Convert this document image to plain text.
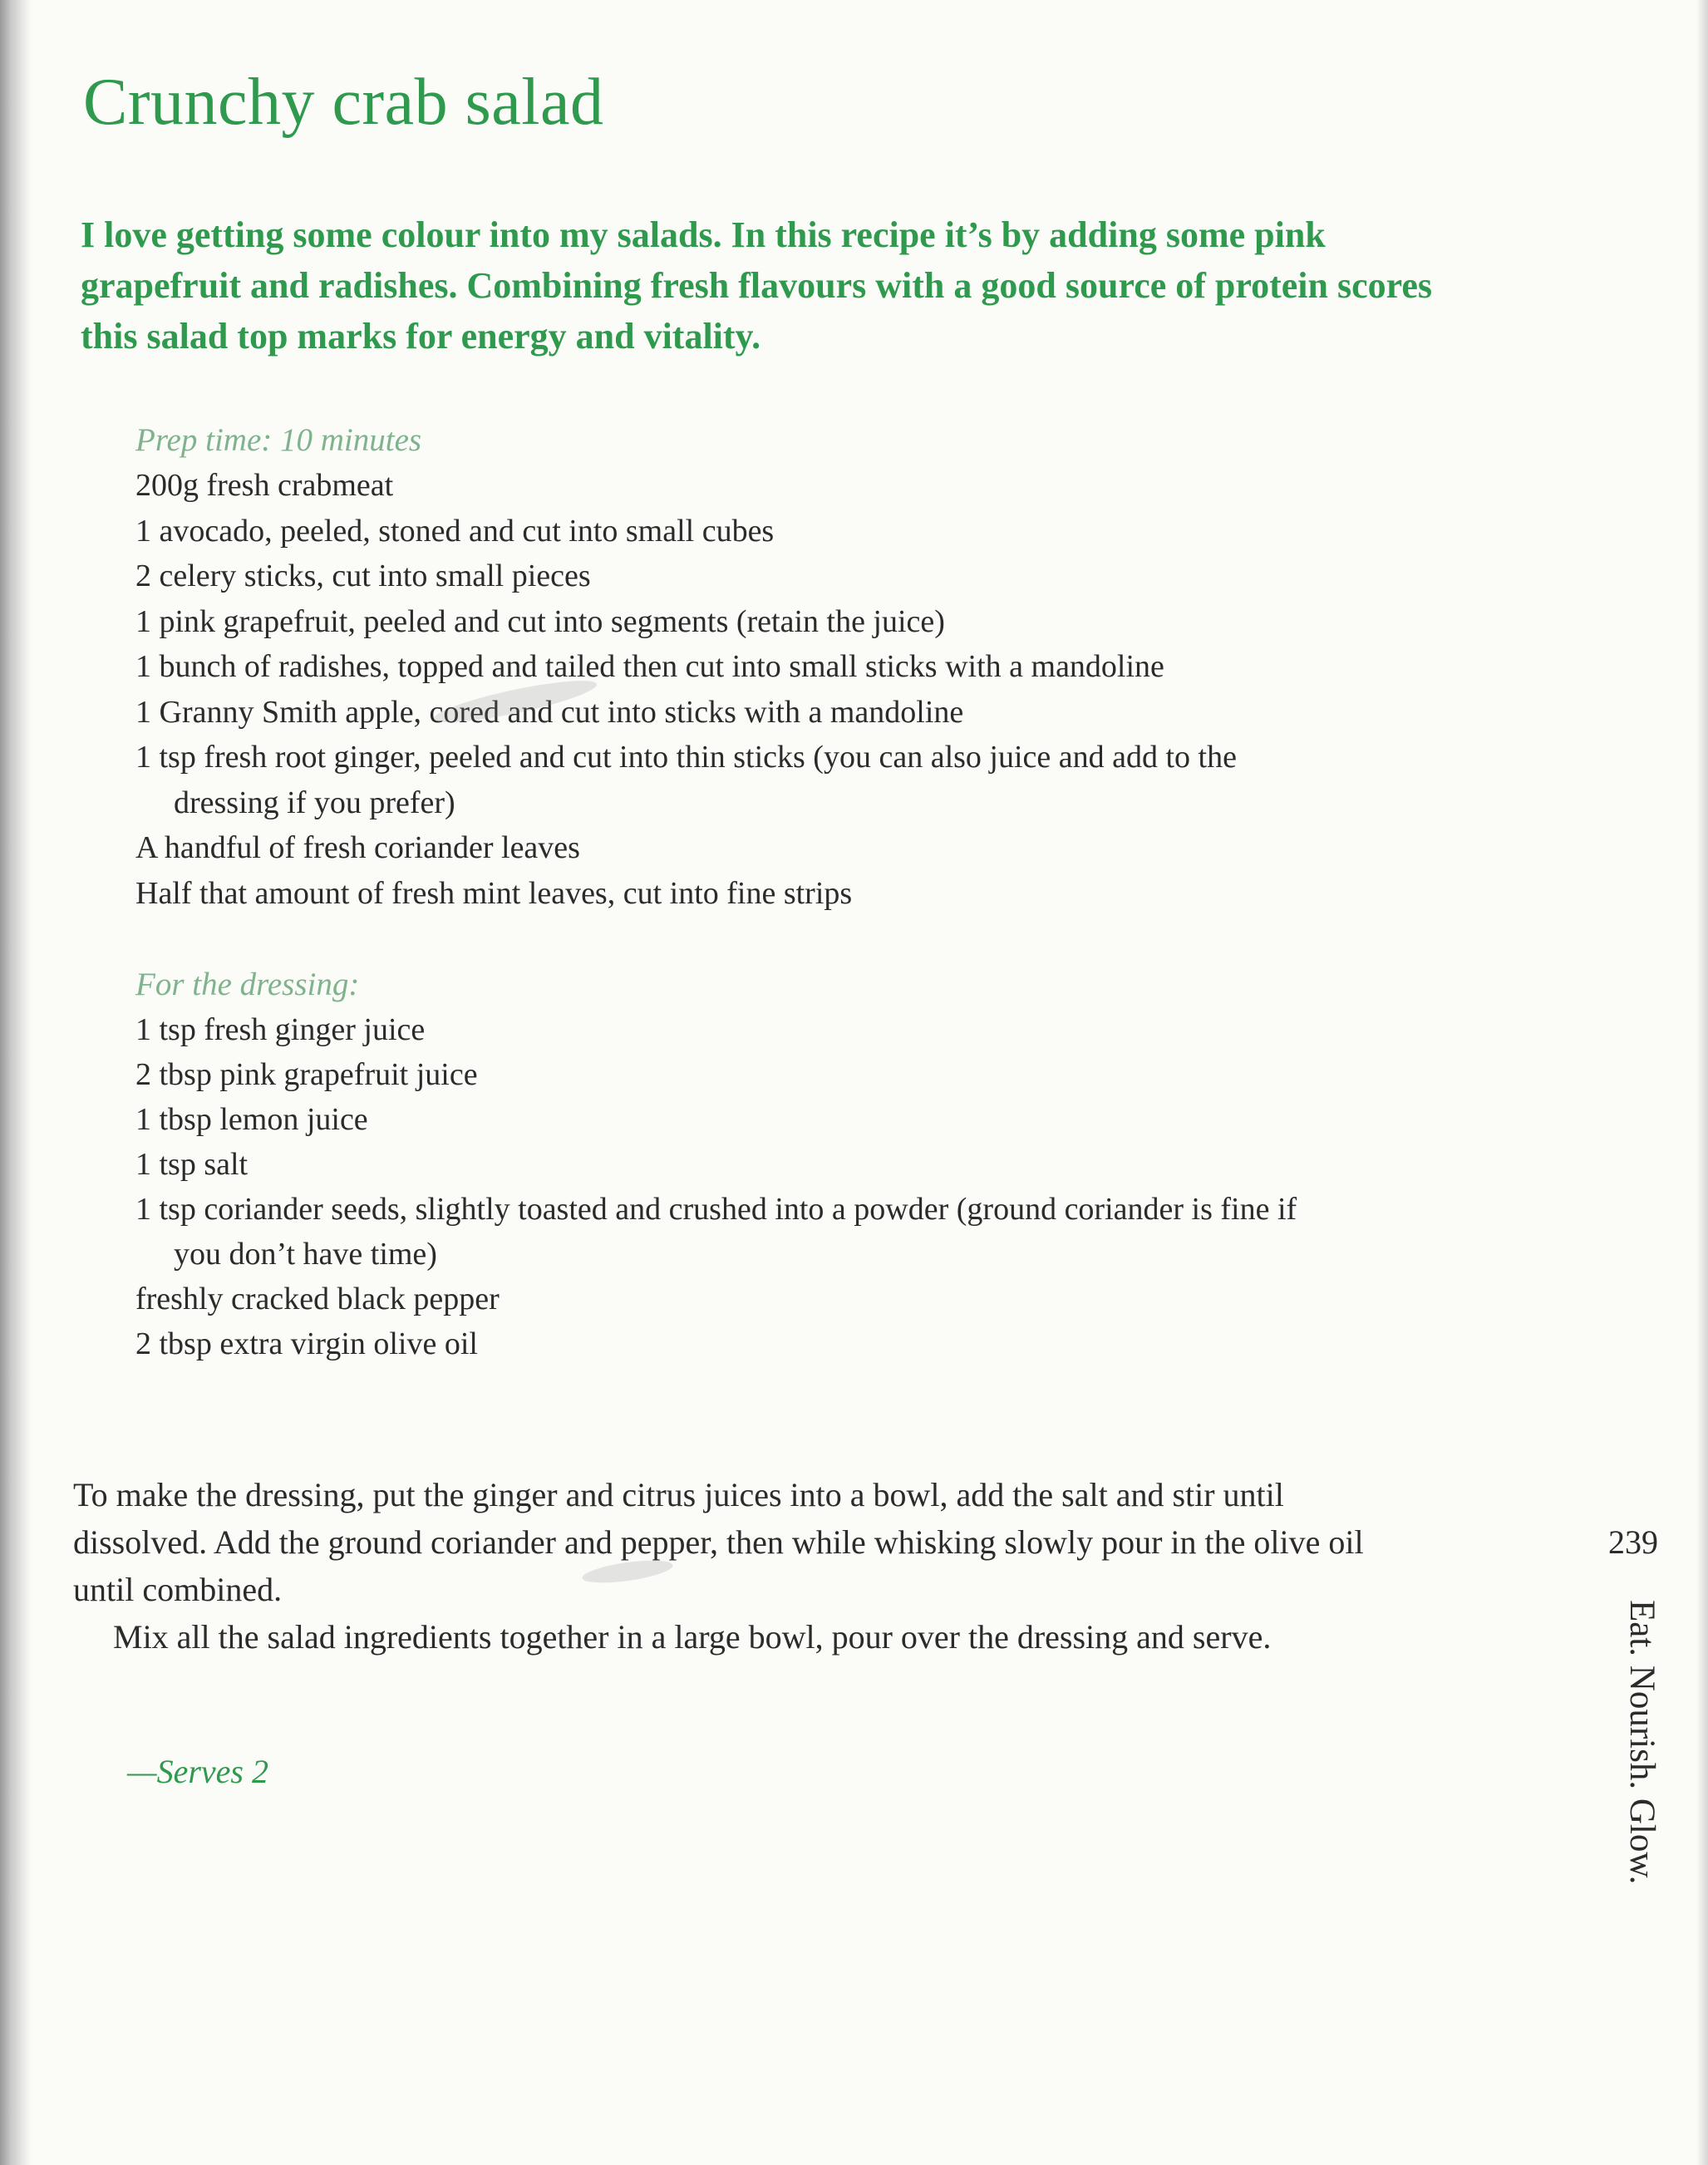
Crunchy crab salad

I love getting some colour into my salads. In this recipe it’s by adding some pink grapefruit and radishes. Combining fresh flavours with a good source of protein scores this salad top marks for energy and vitality.

Prep time: 10 minutes

200g fresh crabmeat
1 avocado, peeled, stoned and cut into small cubes
2 celery sticks, cut into small pieces
1 pink grapefruit, peeled and cut into segments (retain the juice)
1 bunch of radishes, topped and tailed then cut into small sticks with a mandoline
1 Granny Smith apple, cored and cut into sticks with a mandoline
1 tsp fresh root ginger, peeled and cut into thin sticks (you can also juice and add to the dressing if you prefer)
A handful of fresh coriander leaves
Half that amount of fresh mint leaves, cut into fine strips

For the dressing:

1 tsp fresh ginger juice
2 tbsp pink grapefruit juice
1 tbsp lemon juice
1 tsp salt
1 tsp coriander seeds, slightly toasted and crushed into a powder (ground coriander is fine if you don’t have time)
freshly cracked black pepper
2 tbsp extra virgin olive oil

To make the dressing, put the ginger and citrus juices into a bowl, add the salt and stir until dissolved. Add the ground coriander and pepper, then while whisking slowly pour in the olive oil until combined.

Mix all the salad ingredients together in a large bowl, pour over the dressing and serve.

—Serves 2

239

Eat. Nourish. Glow.
